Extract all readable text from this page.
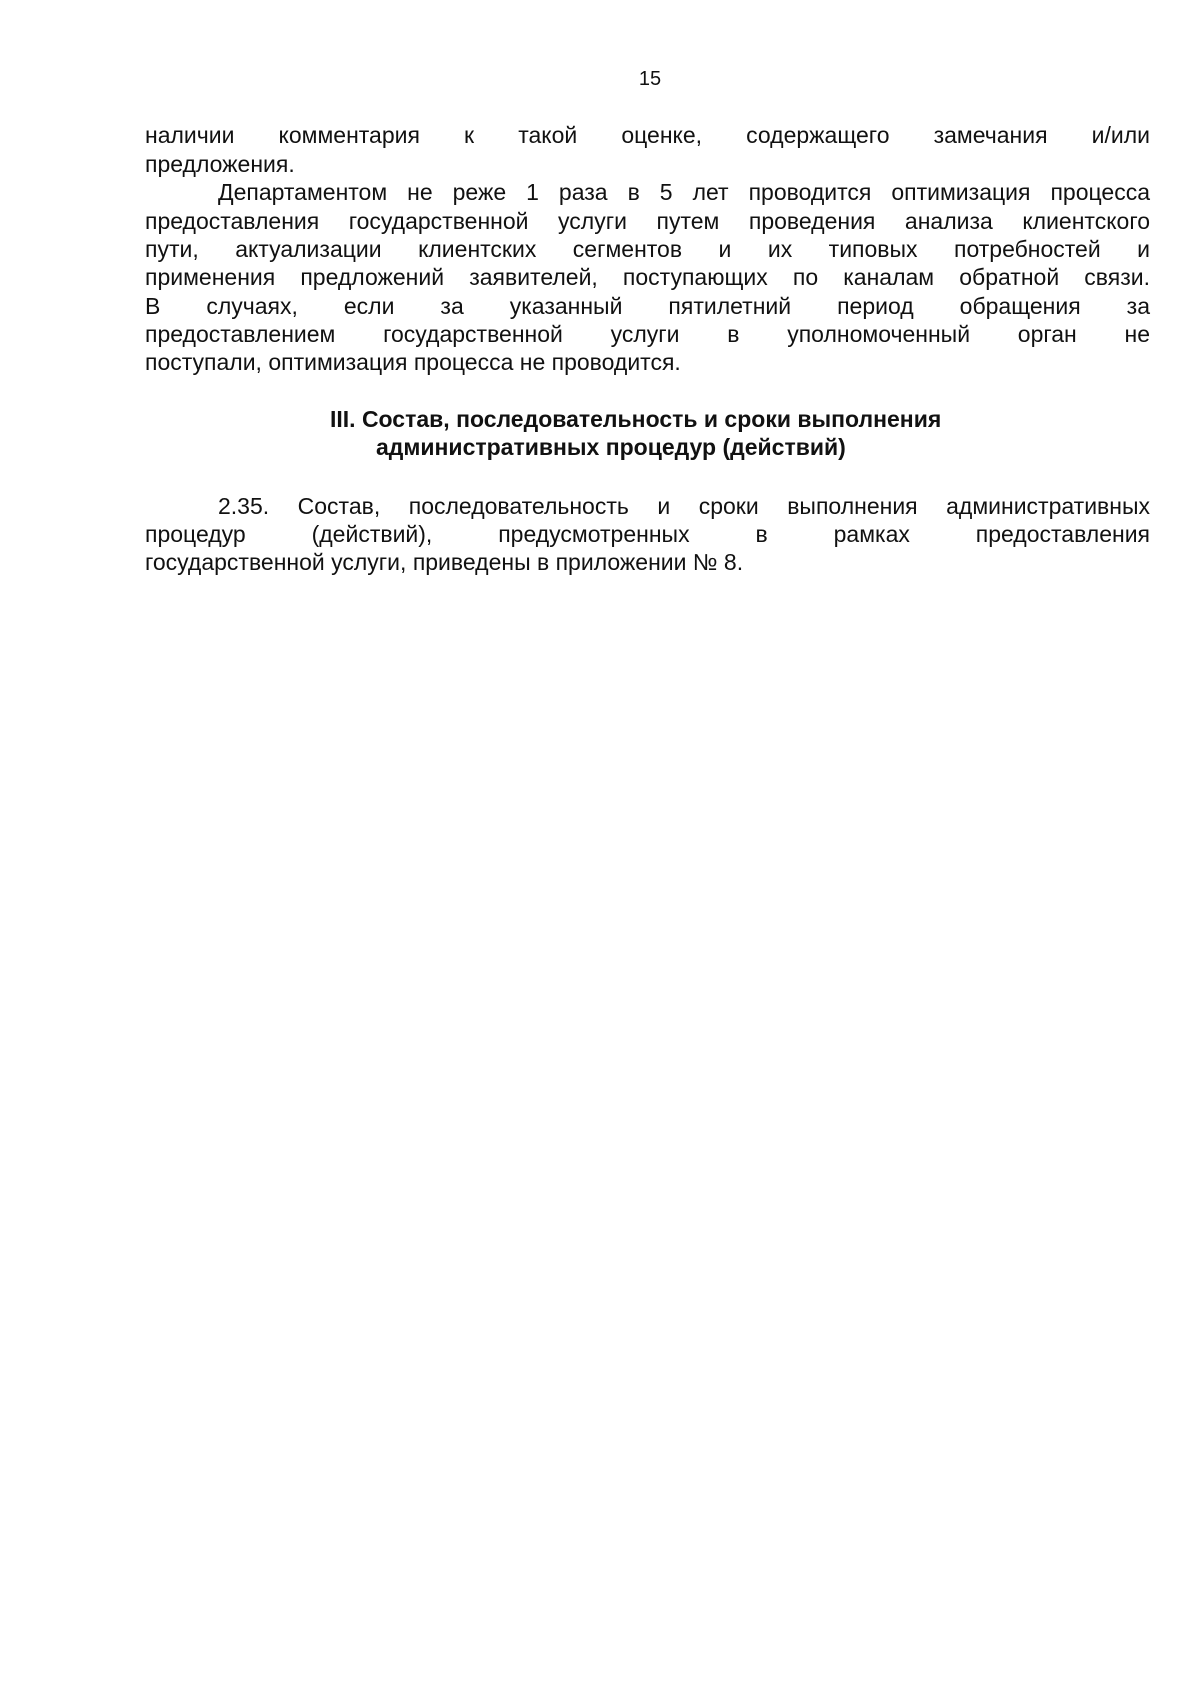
15
наличии комментария к такой оценке, содержащего замечания и/или
предложения.
Департаментом не реже 1 раза в 5 лет проводится оптимизация процесса
предоставления государственной услуги путем проведения анализа клиентского
пути, актуализации клиентских сегментов и их типовых потребностей и
применения предложений заявителей, поступающих по каналам обратной связи.
В случаях, если за указанный пятилетний период обращения за
предоставлением государственной услуги в уполномоченный орган не
поступали, оптимизация процесса не проводится.
III. Состав, последовательность и сроки выполнения
административных процедур (действий)
2.35. Состав, последовательность и сроки выполнения административных
процедур (действий), предусмотренных в рамках предоставления
государственной услуги, приведены в приложении № 8.
